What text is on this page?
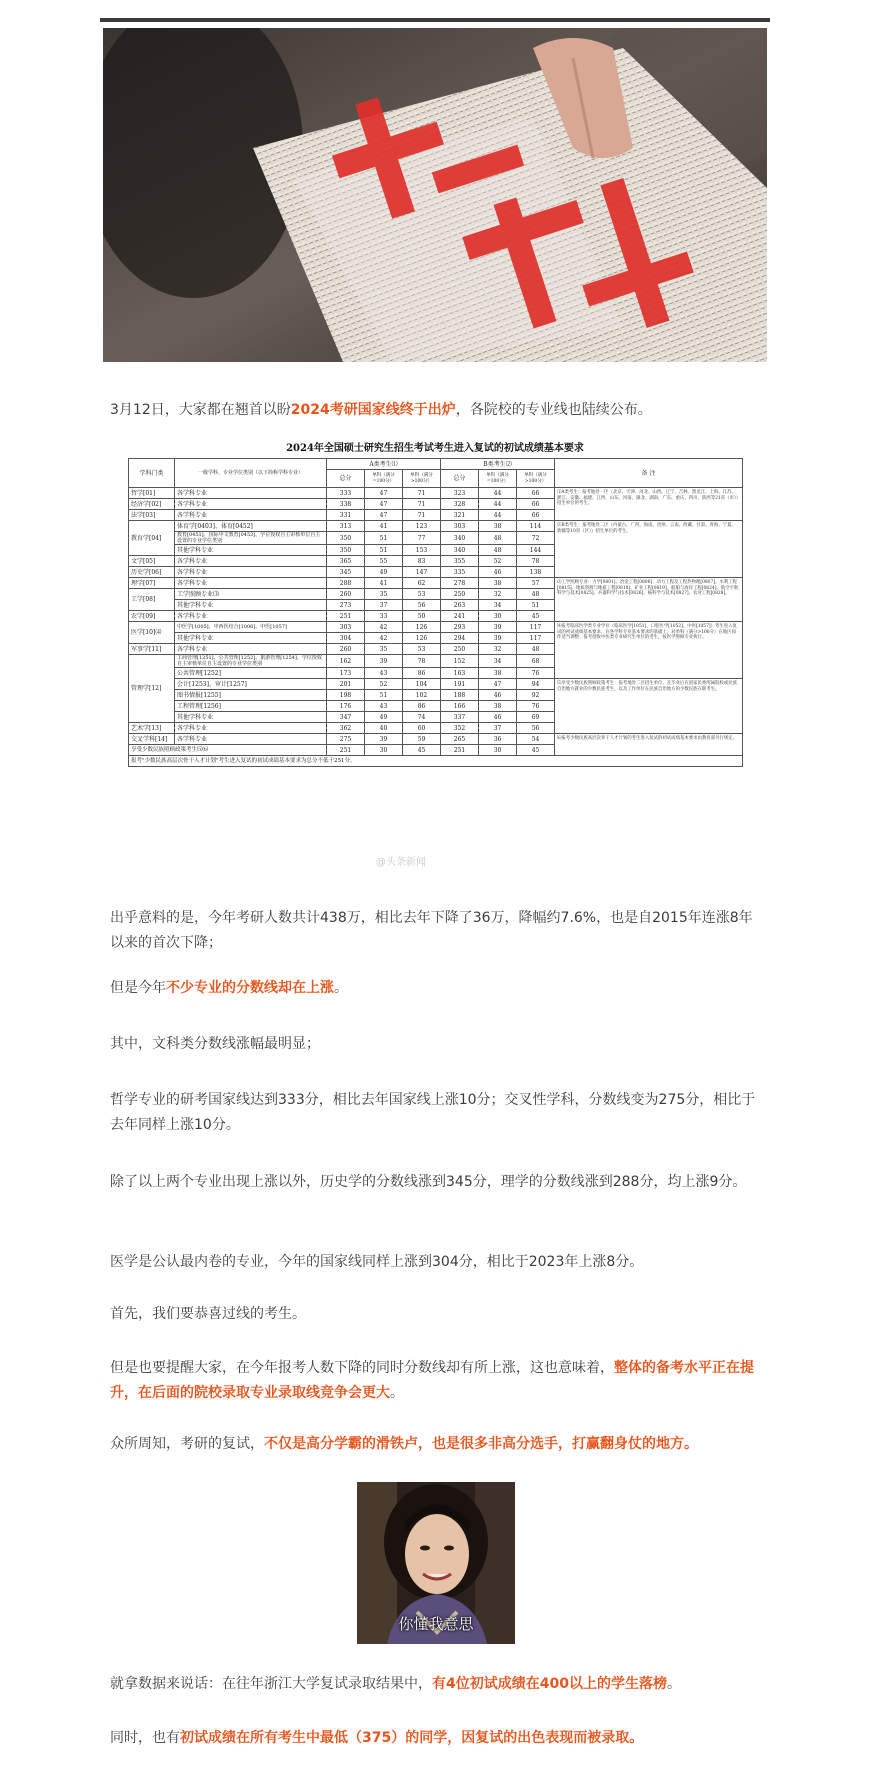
3月12日，大家都在翘首以盼2024考研国家线终于出炉，各院校的专业线也陆续公布。

2024年全国硕士研究生招生考试考生进入复试的初试成绩基本要求
学科门类	一级学科、专业学位类别（以下简称学科专业）	A类考生⑴			B类考生⑵			备 注
		总分	单科（满分=100分）	单科（满分>100分）	总分	单科（满分=100分）	单科（满分>100分）	
哲学[01]	各学科专业	333	47	71	323	44	66	⑴A类考生：报考地处一区（北京、天津、河北、山西、辽宁、吉林、黑龙江、上海、江苏、浙江、安徽、福建、江西、山东、河南、湖北、湖南、广东、重庆、四川、陕西等21省（市））招生单位的考生。
经济学[02]	各学科专业	338	47	71	328	44	66	
法学[03]	各学科专业	331	47	71	321	44	66	
教育学[04]	体育学[0403]、体育[0452]	313	41	123	303	38	114	⑵B类考生：报考地处二区（内蒙古、广西、海南、贵州、云南、西藏、甘肃、青海、宁夏、新疆等10省（区））招生单位的考生。
	教育[0451]、国际中文教育[0453]、学位授权自主审核单位自主设置的专业学位类别	350	51	77	340	48	72	
	其他学科专业	350	51	153	340	48	144	
文学[05]	各学科专业	365	55	83	355	52	78	
历史学[06]	各学科专业	345	49	147	335	46	138	
理学[07]	各学科专业	288	41	62	278	38	57	⑶工学照顾专业：力学[0801]、冶金工程[0806]、动力工程及工程热物理[0807]、水利工程[0815]、地质资源与地质工程[0818]、矿业工程[0819]、船舶与海洋工程[0824]、航空宇航科学与技术[0825]、兵器科学与技术[0826]、核科学与技术[0827]、农业工程[0828]。
工学[08]	工学照顾专业⑶	260	35	53	250	32	48	
	其他学科专业	273	37	56	263	34	51	
农学[09]	各学科专业	251	33	50	241	30	45	
医学[10]⑷	中医学[1005]、中西医结合[1006]、中医[1057]	303	42	126	293	39	117	⑷报考临床医学类专业学位（临床医学[1051]、口腔医学[1052]、中医[1057]）考生进入复试的初试成绩基本要求，在各学科专业基本要求的基础上，对单科（满分>100分）在地区间作适当调整；报考招收中医类专业研究生单位的考生，按医学照顾专业执行。
	其他学科专业	304	42	126	294	39	117	
军事学[11]	各学科专业	260	35	53	250	32	48	
管理学[12]	工商管理[1251]、公共管理[1252]、旅游管理[1254]、学位授权自主审核单位自主设置的专业学位类别	162	39	78	152	34	68	
	公共管理[1252]	173	43	86	163	38	76	
	会计[1253]、审计[1257]	201	52	104	191	47	94	⑸享受少数民族照顾政策考生：报考地处二区招生单位、且毕业后在国家民委所属院校或民族自治地方就业的少数民族考生，以及工作单位在民族自治地方的少数民族在职考生。
	图书情报[1255]	198	51	102	188	46	92	
	工程管理[1256]	176	43	86	166	38	76	
	其他学科专业	347	49	74	337	46	69	
艺术学[13]	各学科专业	362	40	60	352	37	56	
交叉学科[14]	各学科专业	275	39	59	265	36	54	⑹报考少数民族高层次骨干人才计划的考生进入复试的初试成绩基本要求由教育部另行规定。
享受少数民族照顾政策考生⑸⑹		251	30	45	251	30	45	
报考"少数民族高层次骨干人才计划"考生进入复试的初试成绩基本要求为总分不低于251分。								
@头条新闻

出乎意料的是，今年考研人数共计438万，相比去年下降了36万，降幅约7.6%，也是自2015年连涨8年以来的首次下降；

但是今年不少专业的分数线却在上涨。

其中，文科类分数线涨幅最明显；

哲学专业的研考国家线达到333分，相比去年国家线上涨10分；交叉性学科，分数线变为275分，相比于去年同样上涨10分。

除了以上两个专业出现上涨以外，历史学的分数线涨到345分，理学的分数线涨到288分，均上涨9分。

医学是公认最内卷的专业，今年的国家线同样上涨到304分，相比于2023年上涨8分。

首先，我们要恭喜过线的考生。

但是也要提醒大家，在今年报考人数下降的同时分数线却有所上涨，这也意味着，整体的备考水平正在提升，在后面的院校录取专业录取线竞争会更大。

众所周知，考研的复试，不仅是高分学霸的滑铁卢，也是很多非高分选手，打赢翻身仗的地方。

你懂我意思

就拿数据来说话：在往年浙江大学复试录取结果中，有4位初试成绩在400以上的学生落榜。

同时，也有初试成绩在所有考生中最低（375）的同学，因复试的出色表现而被录取。
